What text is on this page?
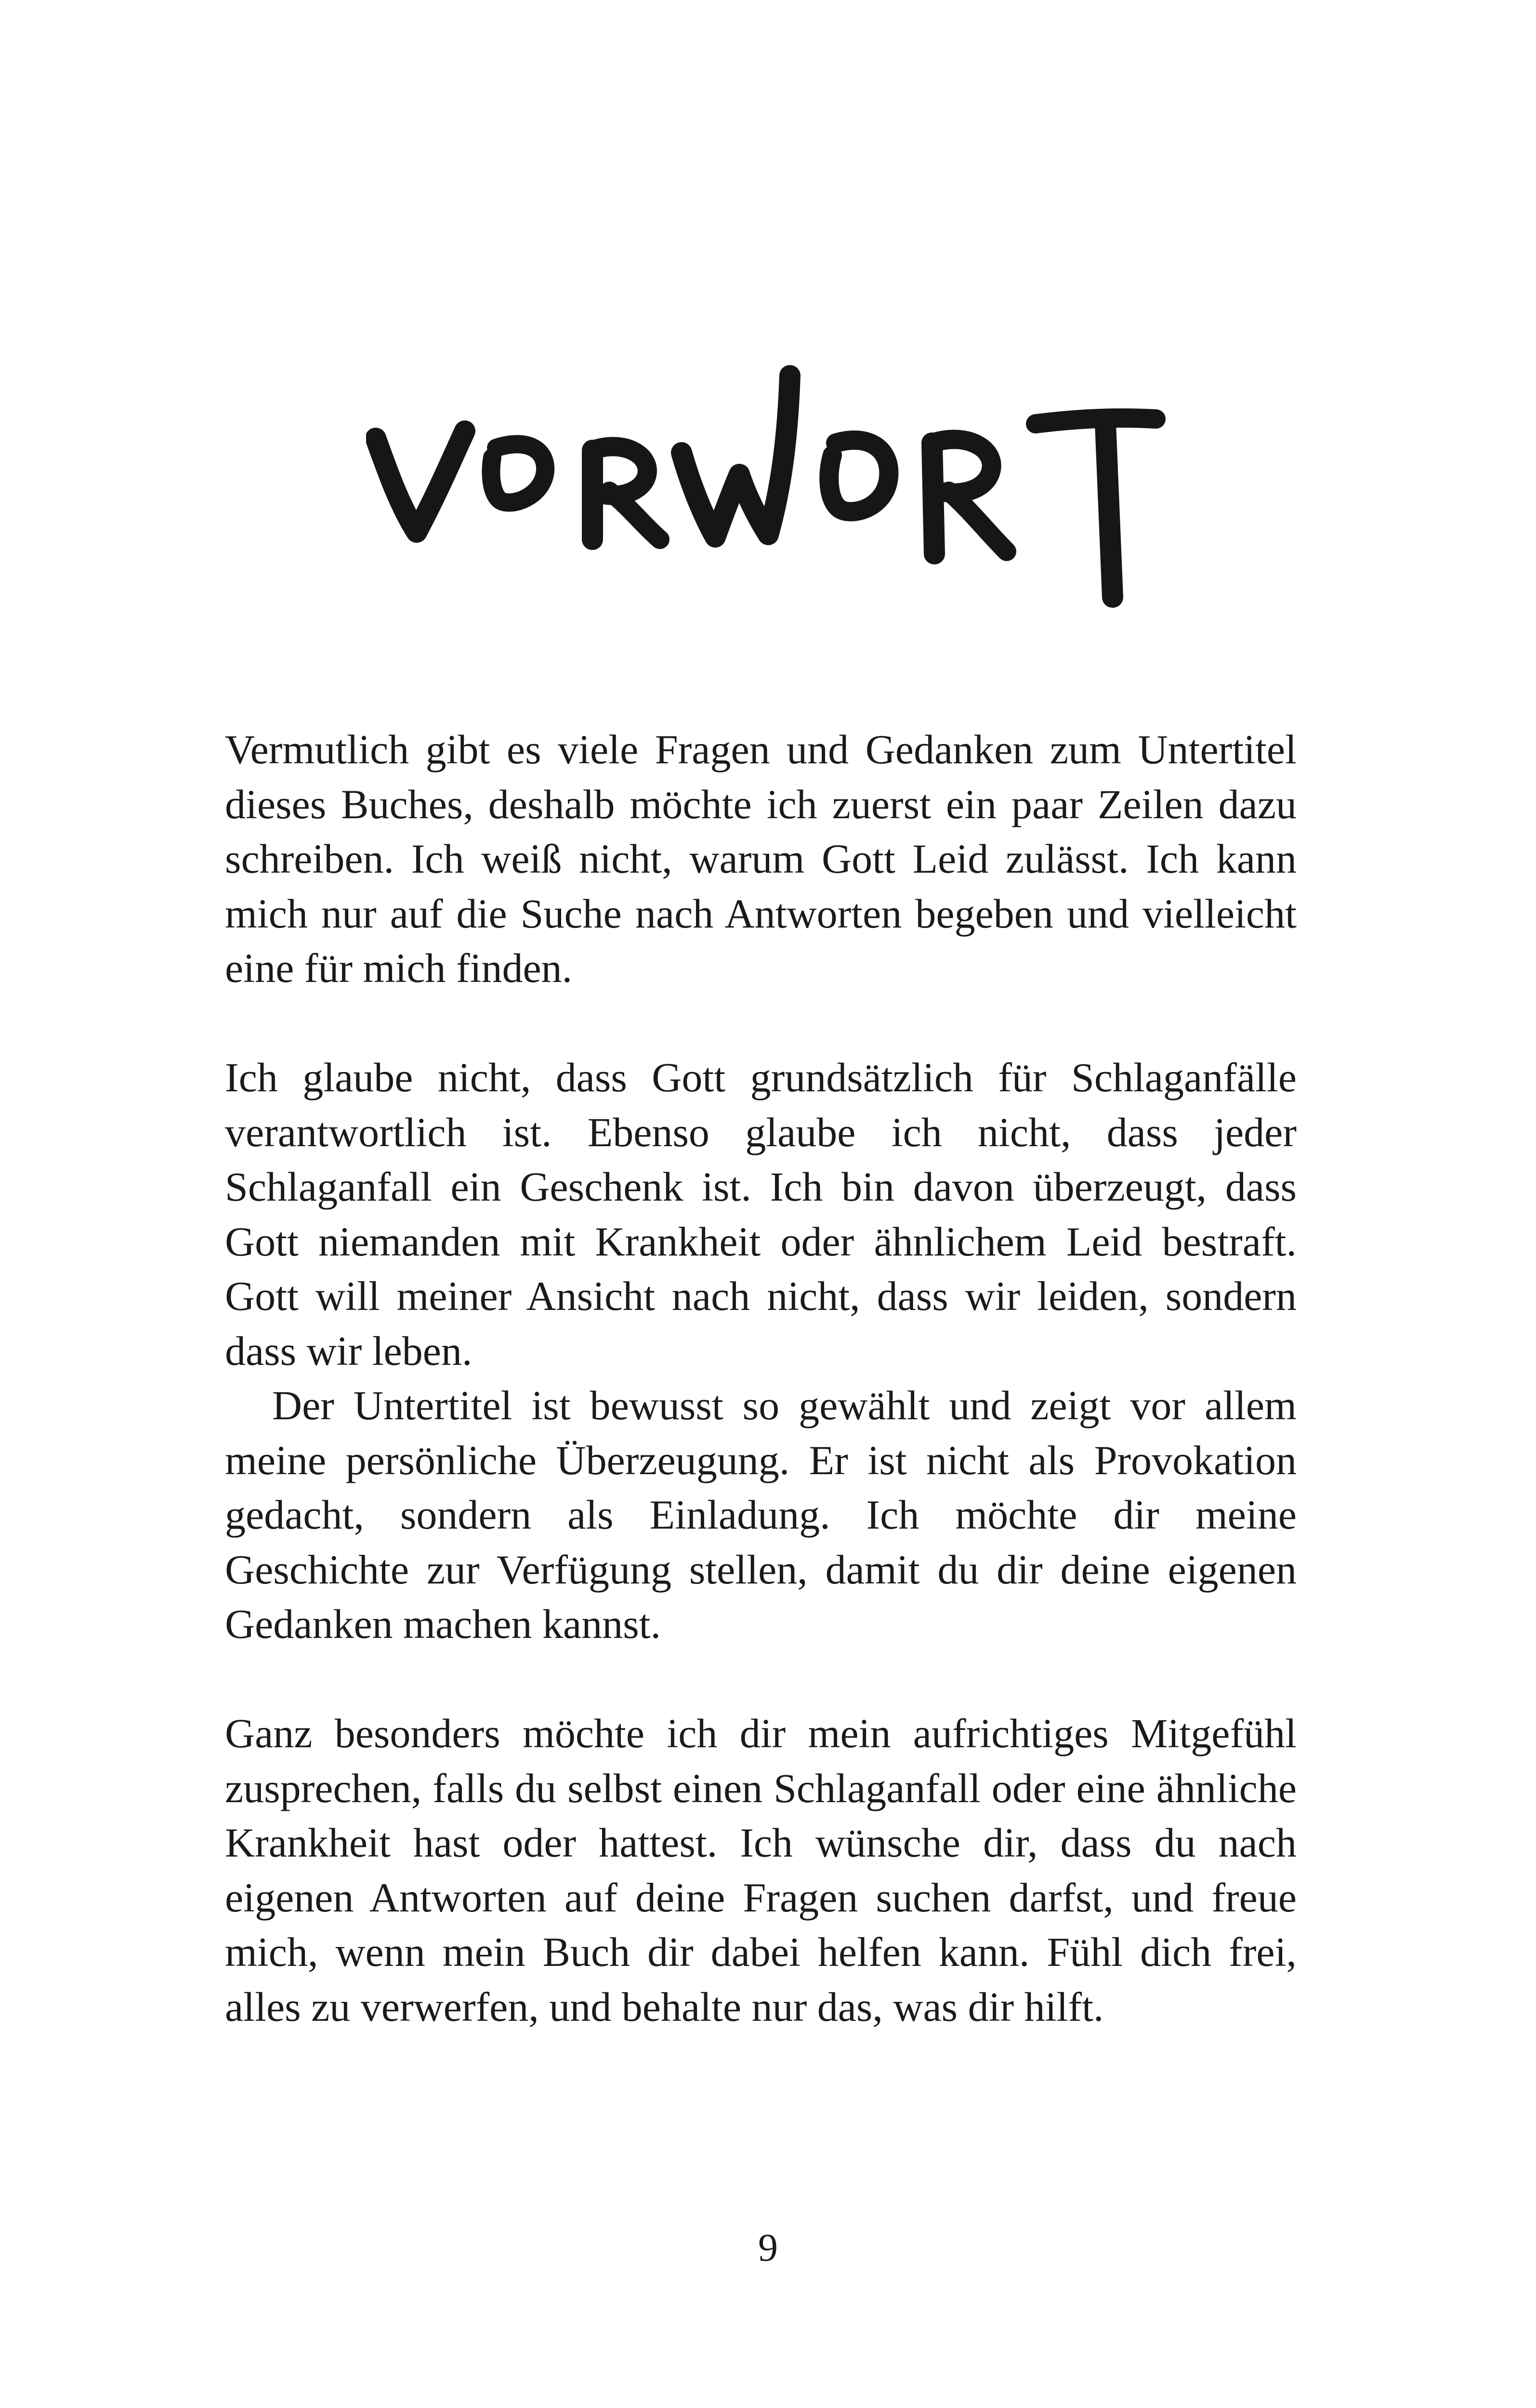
Vermutlich gibt es viele Fragen und Gedanken zum Untertitel dieses Buches, deshalb möchte ich zuerst ein paar Zeilen dazu schreiben. Ich weiß nicht, warum Gott Leid zulässt. Ich kann mich nur auf die Suche nach Antworten begeben und vielleicht eine für mich finden.

Ich glaube nicht, dass Gott grundsätzlich für Schlaganfälle verantwortlich ist. Ebenso glaube ich nicht, dass jeder Schlaganfall ein Geschenk ist. Ich bin davon überzeugt, dass Gott niemanden mit Krankheit oder ähnlichem Leid bestraft. Gott will meiner Ansicht nach nicht, dass wir leiden, sondern dass wir leben.

Der Untertitel ist bewusst so gewählt und zeigt vor allem meine persönliche Überzeugung. Er ist nicht als Provokation gedacht, sondern als Einladung. Ich möchte dir meine Geschichte zur Verfügung stellen, damit du dir deine eigenen Gedanken machen kannst.

Ganz besonders möchte ich dir mein aufrichtiges Mitgefühl zusprechen, falls du selbst einen Schlaganfall oder eine ähnliche Krankheit hast oder hattest. Ich wünsche dir, dass du nach eigenen Antworten auf deine Fragen suchen darfst, und freue mich, wenn mein Buch dir dabei helfen kann. Fühl dich frei, alles zu verwerfen, und behalte nur das, was dir hilft.

9
